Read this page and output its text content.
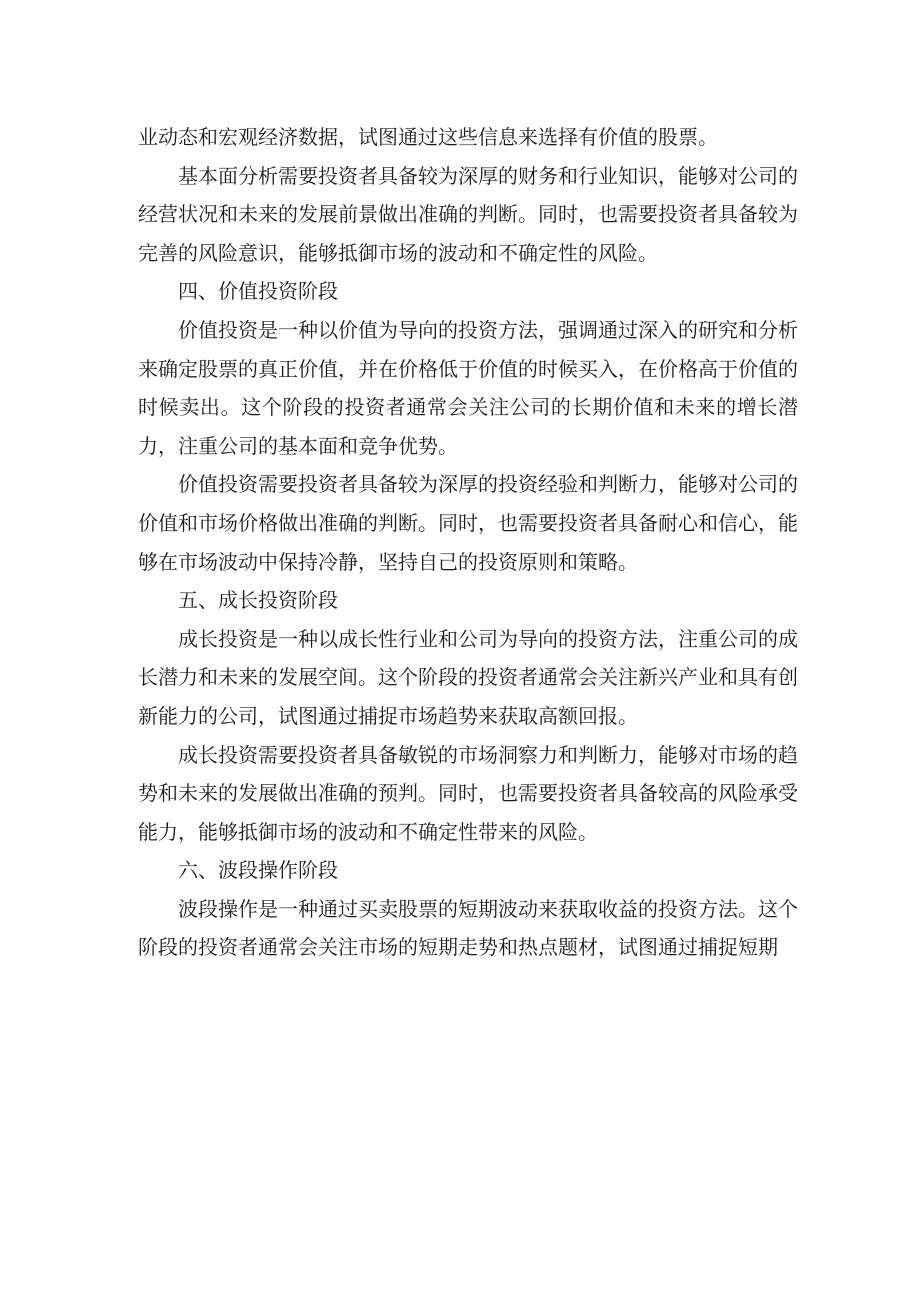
业动态和宏观经济数据，试图通过这些信息来选择有价值的股票。

基本面分析需要投资者具备较为深厚的财务和行业知识，能够对公司的经营状况和未来的发展前景做出准确的判断。同时，也需要投资者具备较为完善的风险意识，能够抵御市场的波动和不确定性的风险。

四、价值投资阶段

价值投资是一种以价值为导向的投资方法，强调通过深入的研究和分析来确定股票的真正价值，并在价格低于价值的时候买入，在价格高于价值的时候卖出。这个阶段的投资者通常会关注公司的长期价值和未来的增长潜力，注重公司的基本面和竞争优势。

价值投资需要投资者具备较为深厚的投资经验和判断力，能够对公司的价值和市场价格做出准确的判断。同时，也需要投资者具备耐心和信心，能够在市场波动中保持冷静，坚持自己的投资原则和策略。

五、成长投资阶段

成长投资是一种以成长性行业和公司为导向的投资方法，注重公司的成长潜力和未来的发展空间。这个阶段的投资者通常会关注新兴产业和具有创新能力的公司，试图通过捕捉市场趋势来获取高额回报。

成长投资需要投资者具备敏锐的市场洞察力和判断力，能够对市场的趋势和未来的发展做出准确的预判。同时，也需要投资者具备较高的风险承受能力，能够抵御市场的波动和不确定性带来的风险。

六、波段操作阶段

波段操作是一种通过买卖股票的短期波动来获取收益的投资方法。这个阶段的投资者通常会关注市场的短期走势和热点题材，试图通过捕捉短期
